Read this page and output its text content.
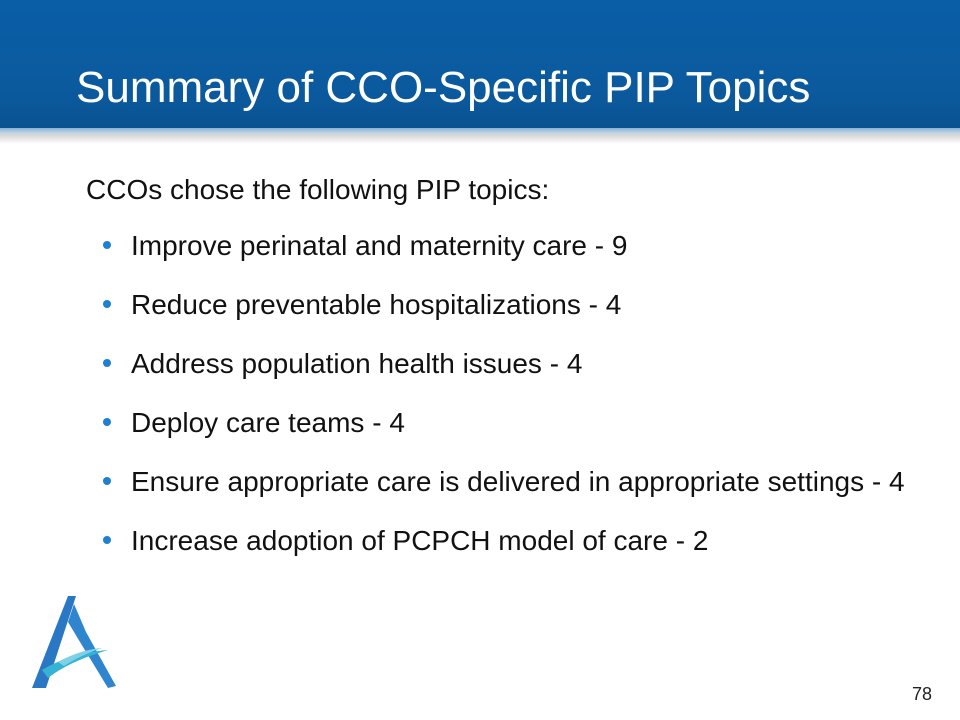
Summary of CCO-Specific PIP Topics

CCOs chose the following PIP topics:

Improve perinatal and maternity care - 9
Reduce preventable hospitalizations - 4
Address population health issues - 4
Deploy care teams - 4
Ensure appropriate care is delivered in appropriate settings - 4
Increase adoption of PCPCH model of care - 2
78
